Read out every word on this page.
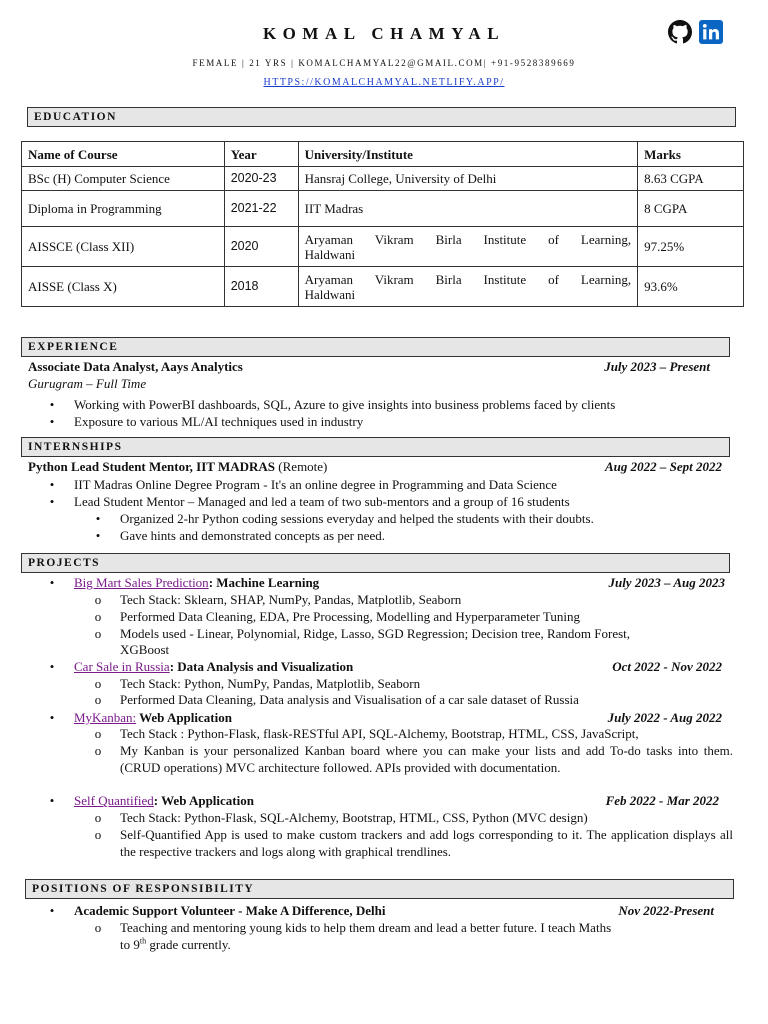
KOMAL CHAMYAL
FEMALE | 21 YRS | KOMALCHAMYAL22@GMAIL.COM| +91-9528389669
HTTPS://KOMALCHAMYAL.NETLIFY.APP/
EDUCATION
Name of Course	Year	University/Institute	Marks
BSc (H) Computer Science	2020-23	Hansraj College, University of Delhi	8.63 CGPA
Diploma in Programming	2021-22	IIT Madras	8 CGPA
AISSCE (Class XII)	2020	Aryaman Vikram Birla Institute of Learning,
Haldwani	97.25%
AISSE (Class X)	2018	Aryaman Vikram Birla Institute of Learning,
Haldwani	93.6%
EXPERIENCE
Associate Data Analyst, Aays Analytics	July 2023 – Present
Gurugram – Full Time
• Working with PowerBI dashboards, SQL, Azure to give insights into business problems faced by clients
• Exposure to various ML/AI techniques used in industry
INTERNSHIPS
Python Lead Student Mentor, IIT MADRAS (Remote)	Aug 2022 – Sept 2022
• IIT Madras Online Degree Program - It's an online degree in Programming and Data Science
• Lead Student Mentor – Managed and led a team of two sub-mentors and a group of 16 students
• Organized 2-hr Python coding sessions everyday and helped the students with their doubts.
• Gave hints and demonstrated concepts as per need.
PROJECTS
• Big Mart Sales Prediction: Machine Learning	July 2023 – Aug 2023
o Tech Stack: Sklearn, SHAP, NumPy, Pandas, Matplotlib, Seaborn
o Performed Data Cleaning, EDA, Pre Processing, Modelling and Hyperparameter Tuning
o Models used - Linear, Polynomial, Ridge, Lasso, SGD Regression; Decision tree, Random Forest,
XGBoost
• Car Sale in Russia: Data Analysis and Visualization	Oct 2022 - Nov 2022
o Tech Stack: Python, NumPy, Pandas, Matplotlib, Seaborn
o Performed Data Cleaning, Data analysis and Visualisation of a car sale dataset of Russia
• MyKanban: Web Application	July 2022 - Aug 2022
o Tech Stack : Python-Flask, flask-RESTful API, SQL-Alchemy, Bootstrap, HTML, CSS, JavaScript,
o My Kanban is your personalized Kanban board where you can make your lists and add To-do tasks into them. (CRUD operations) MVC architecture followed. APIs provided with documentation.
• Self Quantified: Web Application	Feb 2022 - Mar 2022
o Tech Stack: Python-Flask, SQL-Alchemy, Bootstrap, HTML, CSS, Python (MVC design)
o Self-Quantified App is used to make custom trackers and add logs corresponding to it. The application displays all the respective trackers and logs along with graphical trendlines.
POSITIONS OF RESPONSIBILITY
• Academic Support Volunteer - Make A Difference, Delhi	Nov 2022-Present
o Teaching and mentoring young kids to help them dream and lead a better future. I teach Maths
to 9th grade currently.
